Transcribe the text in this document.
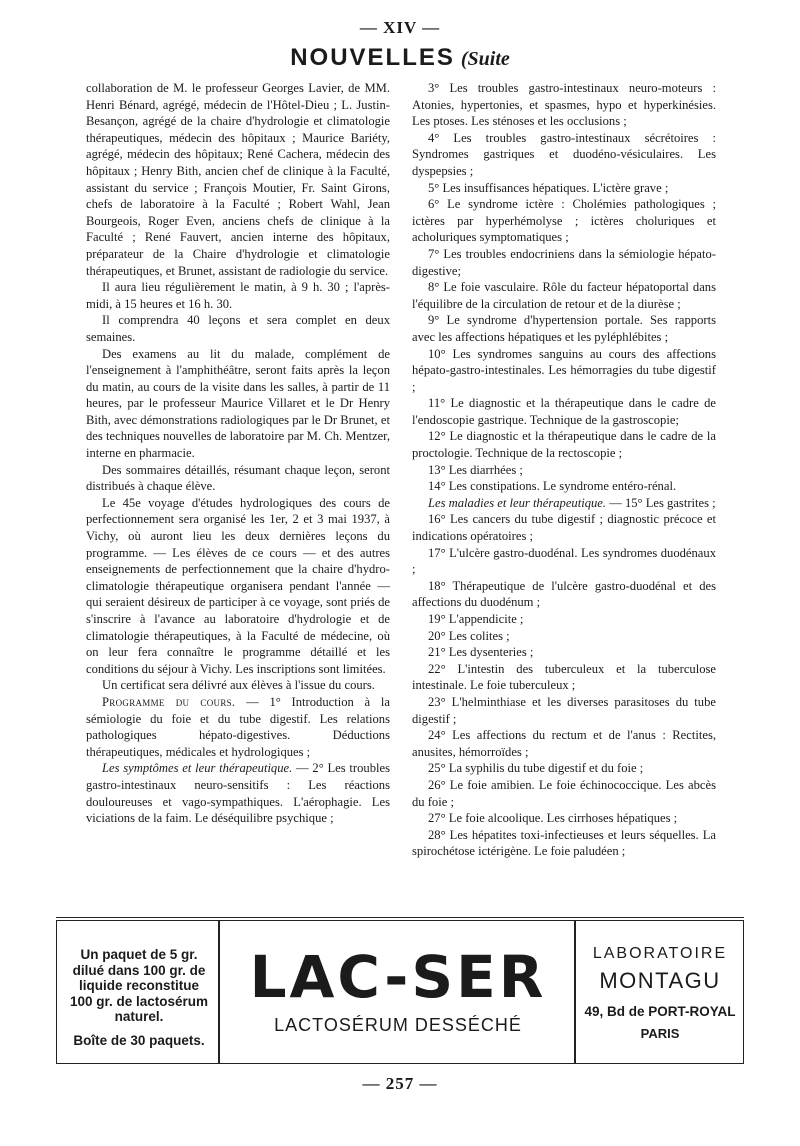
— XIV —
NOUVELLES (Suite

collaboration de M. le professeur Georges Lavier, de MM. Henri Bénard, agrégé, médecin de l'Hôtel-Dieu ; L. Justin-Besançon, agrégé de la chaire d'hydrologie et climatologie thérapeutiques, médecin des hôpitaux ; Maurice Bariéty, agrégé, médecin des hôpitaux; René Cachera, médecin des hôpitaux ; Henry Bith, ancien chef de clinique à la Faculté, assistant du service ; François Moutier, Fr. Saint Girons, chefs de laboratoire à la Faculté ; Robert Wahl, Jean Bourgeois, Roger Even, anciens chefs de clinique à la Faculté ; René Fauvert, ancien interne des hôpitaux, préparateur de la Chaire d'hydrologie et climatologie thérapeutiques, et Brunet, assistant de radiologie du service.

Il aura lieu régulièrement le matin, à 9 h. 30 ; l'après-midi, à 15 heures et 16 h. 30.

Il comprendra 40 leçons et sera complet en deux semaines.

Des examens au lit du malade, complément de l'enseignement à l'amphithéâtre, seront faits après la leçon du matin, au cours de la visite dans les salles, à partir de 11 heures, par le professeur Maurice Villaret et le Dr Henry Bith, avec démonstrations radiologiques par le Dr Brunet, et des techniques nouvelles de laboratoire par M. Ch. Mentzer, interne en pharmacie.

Des sommaires détaillés, résumant chaque leçon, seront distribués à chaque élève.

Le 45e voyage d'études hydrologiques des cours de perfectionnement sera organisé les 1er, 2 et 3 mai 1937, à Vichy, où auront lieu les deux dernières leçons du programme. — Les élèves de ce cours — et des autres enseignements de perfectionnement que la chaire d'hydro-climatologie thérapeutique organisera pendant l'année — qui seraient désireux de participer à ce voyage, sont priés de s'inscrire à l'avance au laboratoire d'hydrologie et de climatologie thérapeutiques, à la Faculté de médecine, où on leur fera connaître le programme détaillé et les conditions du séjour à Vichy. Les inscriptions sont limitées.

Un certificat sera délivré aux élèves à l'issue du cours.

Programme du cours. — 1° Introduction à la sémiologie du foie et du tube digestif. Les relations pathologiques hépato-digestives. Déductions thérapeutiques, médicales et hydrologiques ;

Les symptômes et leur thérapeutique. — 2° Les troubles gastro-intestinaux neuro-sensitifs : Les réactions douloureuses et vago-sympathiques. L'aérophagie. Les viciations de la faim. Le déséquilibre psychique ;

3° Les troubles gastro-intestinaux neuro-moteurs : Atonies, hypertonies, et spasmes, hypo et hyperkinésies. Les ptoses. Les sténoses et les occlusions ;

4° Les troubles gastro-intestinaux sécrétoires : Syndromes gastriques et duodéno-vésiculaires. Les dyspepsies ;

5° Les insuffisances hépatiques. L'ictère grave ;

6° Le syndrome ictère : Cholémies pathologiques ; ictères par hyperhémolyse ; ictères choluriques et acholuriques symptomatiques ;

7° Les troubles endocriniens dans la sémiologie hépato-digestive;

8° Le foie vasculaire. Rôle du facteur hépatoportal dans l'équilibre de la circulation de retour et de la diurèse ;

9° Le syndrome d'hypertension portale. Ses rapports avec les affections hépatiques et les pyléphlébites ;

10° Les syndromes sanguins au cours des affections hépato-gastro-intestinales. Les hémorragies du tube digestif ;

11° Le diagnostic et la thérapeutique dans le cadre de l'endoscopie gastrique. Technique de la gastroscopie;

12° Le diagnostic et la thérapeutique dans le cadre de la proctologie. Technique de la rectoscopie ;

13° Les diarrhées ;

14° Les constipations. Le syndrome entéro-rénal.

Les maladies et leur thérapeutique. — 15° Les gastrites ;

16° Les cancers du tube digestif ; diagnostic précoce et indications opératoires ;

17° L'ulcère gastro-duodénal. Les syndromes duodénaux ;

18° Thérapeutique de l'ulcère gastro-duodénal et des affections du duodénum ;

19° L'appendicite ;

20° Les colites ;

21° Les dysenteries ;

22° L'intestin des tuberculeux et la tuberculose intestinale. Le foie tuberculeux ;

23° L'helminthiase et les diverses parasitoses du tube digestif ;

24° Les affections du rectum et de l'anus : Rectites, anusites, hémorroïdes ;

25° La syphilis du tube digestif et du foie ;

26° Le foie amibien. Le foie échinococcique. Les abcès du foie ;

27° Le foie alcoolique. Les cirrhoses hépatiques ;

28° Les hépatites toxi-infectieuses et leurs séquelles. La spirochétose ictérigène. Le foie paludéen ;

Un paquet de 5 gr.
dilué dans 100 gr. de
liquide reconstitue
100 gr. de lactosérum
naturel.
Boîte de 30 paquets.
LAC-SER
LACTOSÉRUM DESSÉCHÉ
LABORATOIRE
MONTAGU
49, Bd de PORT-ROYAL
PARIS
— 257 —
